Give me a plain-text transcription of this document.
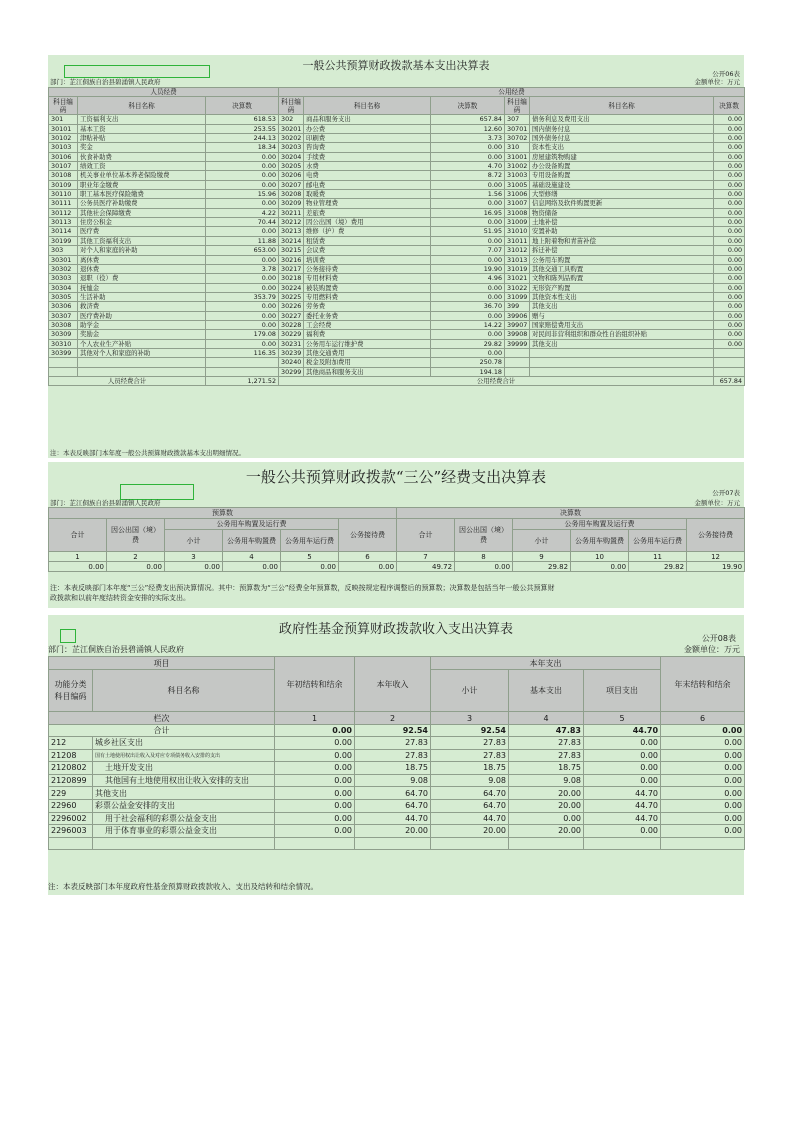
一般公共预算财政拨款基本支出决算表
公开06表
部门：芷江侗族自治县碧涌镇人民政府	金额单位：万元
人员经费			公用经费					
科目编码	科目名称	决算数	科目编码	科目名称	决算数	科目编码	科目名称	决算数
301	工资福利支出	618.53	302	商品和服务支出	657.84	307	债务利息及费用支出	0.00
30101	基本工资	253.55	30201	办公费	12.60	30701	国内债务付息	0.00
30102	津贴补贴	244.13	30202	印刷费	3.73	30702	国外债务付息	0.00
30103	奖金	18.34	30203	咨询费	0.00	310	资本性支出	0.00
30106	伙食补助费	0.00	30204	手续费	0.00	31001	房屋建筑物购建	0.00
30107	绩效工资	0.00	30205	水费	4.70	31002	办公设备购置	0.00
30108	机关事业单位基本养老保险缴费	0.00	30206	电费	8.72	31003	专用设备购置	0.00
30109	职业年金缴费	0.00	30207	邮电费	0.00	31005	基础设施建设	0.00
30110	职工基本医疗保险缴费	15.96	30208	取暖费	1.56	31006	大型修缮	0.00
30111	公务员医疗补助缴费	0.00	30209	物业管理费	0.00	31007	信息网络及软件购置更新	0.00
30112	其他社会保障缴费	4.22	30211	差旅费	16.95	31008	物资储备	0.00
30113	住房公积金	70.44	30212	因公出国（境）费用	0.00	31009	土地补偿	0.00
30114	医疗费	0.00	30213	维修（护）费	51.95	31010	安置补助	0.00
30199	其他工资福利支出	11.88	30214	租赁费	0.00	31011	地上附着物和青苗补偿	0.00
303	对个人和家庭的补助	653.00	30215	会议费	7.07	31012	拆迁补偿	0.00
30301	离休费	0.00	30216	培训费	0.00	31013	公务用车购置	0.00
30302	退休费	3.78	30217	公务接待费	19.90	31019	其他交通工具购置	0.00
30303	退职（役）费	0.00	30218	专用材料费	4.96	31021	文物和陈列品购置	0.00
30304	抚恤金	0.00	30224	被装购置费	0.00	31022	无形资产购置	0.00
30305	生活补助	353.79	30225	专用燃料费	0.00	31099	其他资本性支出	0.00
30306	救济费	0.00	30226	劳务费	36.70	399	其他支出	0.00
30307	医疗费补助	0.00	30227	委托业务费	0.00	39906	赠与	0.00
30308	助学金	0.00	30228	工会经费	14.22	39907	国家赔偿费用支出	0.00
30309	奖励金	179.08	30229	福利费	0.00	39908	对民间非营利组织和群众性自治组织补贴	0.00
30310	个人农业生产补贴	0.00	30231	公务用车运行维护费	29.82	39999	其他支出	0.00
30399	其他对个人和家庭的补助	116.35	30239	其他交通费用	0.00			
			30240	税金及附加费用	250.78			
			30299	其他商品和服务支出	194.18			
人员经费合计		1,271.52	公用经费合计					657.84
注：本表反映部门本年度一般公共预算财政拨款基本支出明细情况。
一般公共预算财政拨款“三公”经费支出决算表
公开07表
部门：芷江侗族自治县碧涌镇人民政府	金额单位：万元
预算数						决算数					
合计	因公出国（境）费	公务用车购置及运行费			公务接待费	合计	因公出国（境）费	公务用车购置及运行费			公务接待费
		小计	公务用车购置费	公务用车运行费				小计	公务用车购置费	公务用车运行费	
1	2	3	4	5	6	7	8	9	10	11	12
0.00	0.00	0.00	0.00	0.00	0.00	49.72	0.00	29.82	0.00	29.82	19.90
注：本表反映部门本年度“三公”经费支出预决算情况。其中：预算数为“三公”经费全年预算数，反映按规定程序调整后的预算数；决算数是包括当年一般公共预算财
政拨款和以前年度结转资金安排的实际支出。
政府性基金预算财政拨款收入支出决算表
公开08表
部门：芷江侗族自治县碧涌镇人民政府	金额单位：万元
项目		年初结转和结余	本年收入	本年支出			年末结转和结余
功能分类科目编码	科目名称			小计	基本支出	项目支出	

栏次		1	2	3	4	5	6
合计		0.00	92.54	92.54	47.83	44.70	0.00
212	城乡社区支出	0.00	27.83	27.83	27.83	0.00	0.00
21208	国有土地使用权出让收入及对应专项债务收入安排的支出	0.00	27.83	27.83	27.83	0.00	0.00
2120802	土地开发支出	0.00	18.75	18.75	18.75	0.00	0.00
2120899	其他国有土地使用权出让收入安排的支出	0.00	9.08	9.08	9.08	0.00	0.00
229	其他支出	0.00	64.70	64.70	20.00	44.70	0.00
22960	彩票公益金安排的支出	0.00	64.70	64.70	20.00	44.70	0.00
2296002	用于社会福利的彩票公益金支出	0.00	44.70	44.70	0.00	44.70	0.00
2296003	用于体育事业的彩票公益金支出	0.00	20.00	20.00	20.00	0.00	0.00

注：本表反映部门本年度政府性基金预算财政拨款收入、支出及结转和结余情况。
